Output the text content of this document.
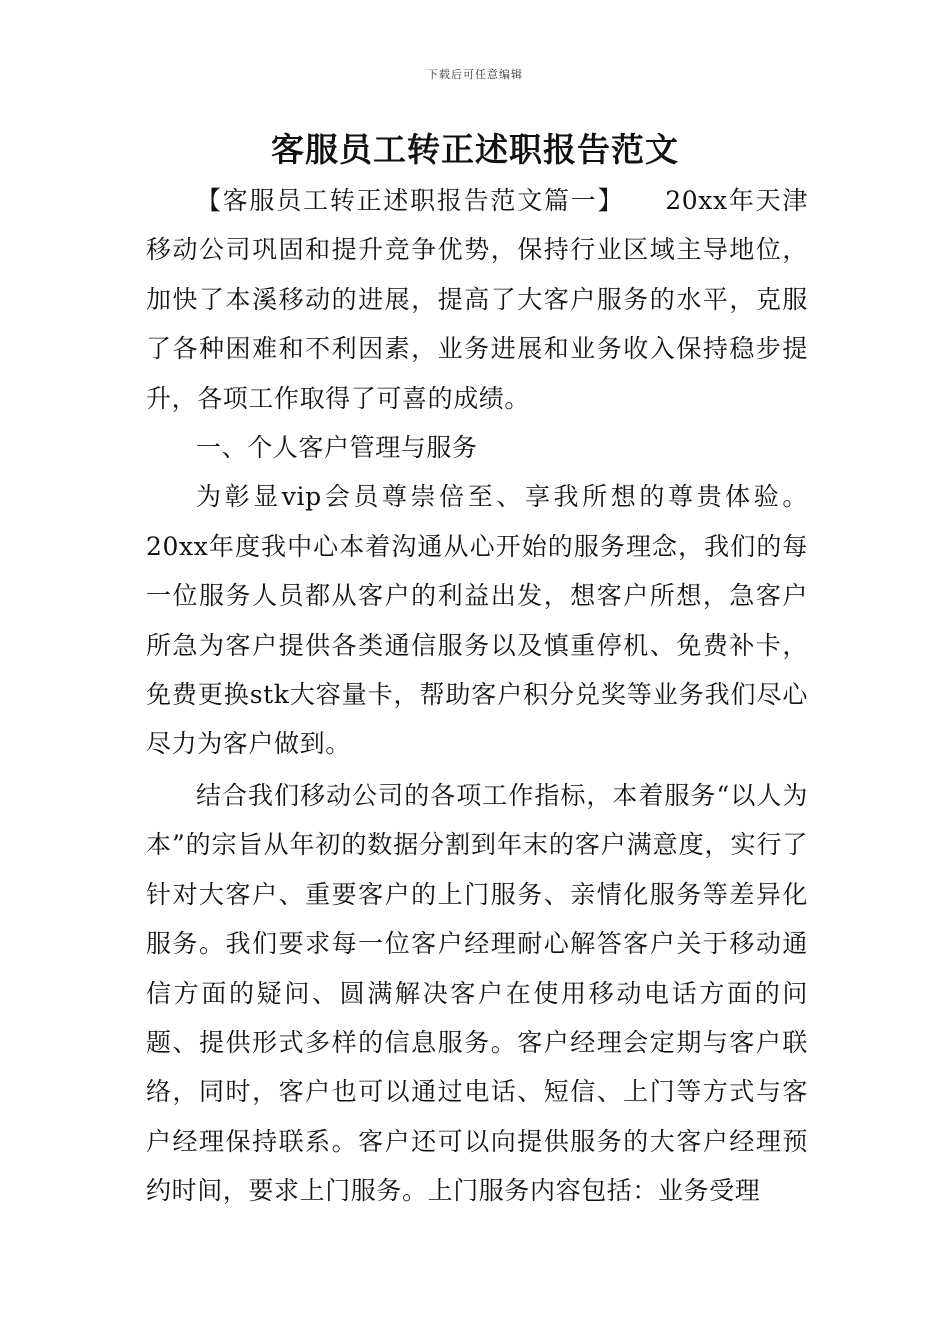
下载后可任意编辑
客服员工转正述职报告范文

【客服员工转正述职报告范文篇一】　　20xx年天津移动公司巩固和提升竞争优势，保持行业区域主导地位，加快了本溪移动的进展，提高了大客户服务的水平，克服了各种困难和不利因素，业务进展和业务收入保持稳步提升，各项工作取得了可喜的成绩。

一、个人客户管理与服务

为彰显vip会员尊崇倍至、享我所想的尊贵体验。20xx年度我中心本着沟通从心开始的服务理念，我们的每一位服务人员都从客户的利益出发，想客户所想，急客户所急为客户提供各类通信服务以及慎重停机、免费补卡，免费更换stk大容量卡，帮助客户积分兑奖等业务我们尽心尽力为客户做到。

结合我们移动公司的各项工作指标，本着服务“以人为本”的宗旨从年初的数据分割到年末的客户满意度，实行了针对大客户、重要客户的上门服务、亲情化服务等差异化服务。我们要求每一位客户经理耐心解答客户关于移动通信方面的疑问、圆满解决客户在使用移动电话方面的问题、提供形式多样的信息服务。客户经理会定期与客户联络，同时，客户也可以通过电话、短信、上门等方式与客户经理保持联系。客户还可以向提供服务的大客户经理预约时间，要求上门服务。上门服务内容包括：业务受理
